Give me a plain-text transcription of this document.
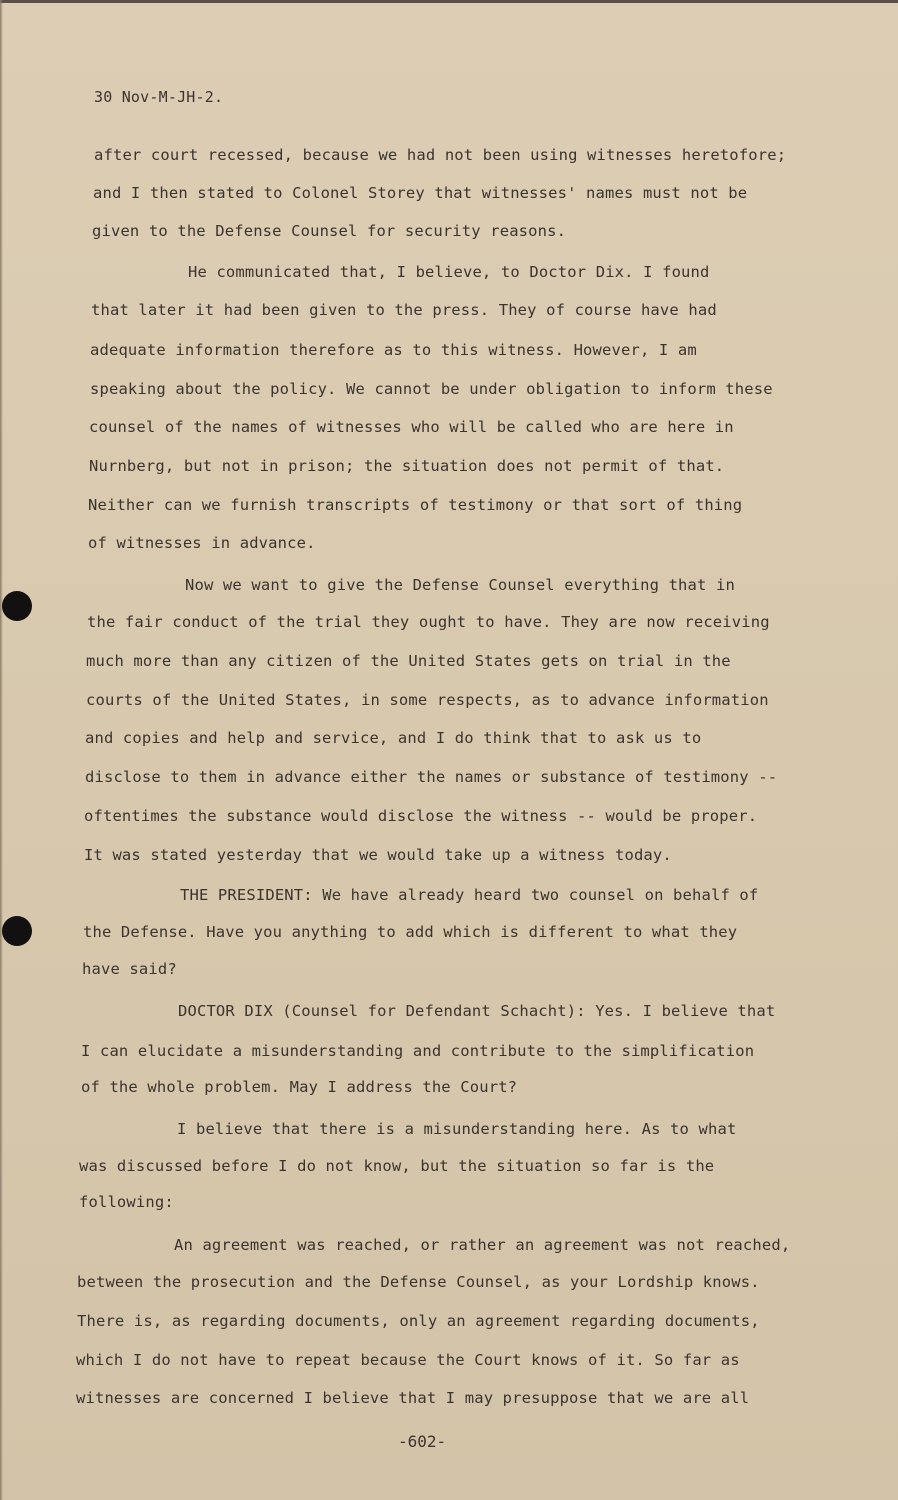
30 Nov-M-JH-2.
after court recessed, because we had not been using witnesses heretofore;
and I then stated to Colonel Storey that witnesses' names must not be
given to the Defense Counsel for security reasons.
He communicated that, I believe, to Doctor Dix. I found
that later it had been given to the press. They of course have had
adequate information therefore as to this witness. However, I am
speaking about the policy. We cannot be under obligation to inform these
counsel of the names of witnesses who will be called who are here in
Nurnberg, but not in prison; the situation does not permit of that.
Neither can we furnish transcripts of testimony or that sort of thing
of witnesses in advance.
Now we want to give the Defense Counsel everything that in
the fair conduct of the trial they ought to have. They are now receiving
much more than any citizen of the United States gets on trial in the
courts of the United States, in some respects, as to advance information
and copies and help and service, and I do think that to ask us to
disclose to them in advance either the names or substance of testimony --
oftentimes the substance would disclose the witness -- would be proper.
It was stated yesterday that we would take up a witness today.
THE PRESIDENT: We have already heard two counsel on behalf of
the Defense. Have you anything to add which is different to what they
have said?
DOCTOR DIX (Counsel for Defendant Schacht): Yes. I believe that
I can elucidate a misunderstanding and contribute to the simplification
of the whole problem. May I address the Court?
I believe that there is a misunderstanding here. As to what
was discussed before I do not know, but the situation so far is the
following:
An agreement was reached, or rather an agreement was not reached,
between the prosecution and the Defense Counsel, as your Lordship knows.
There is, as regarding documents, only an agreement regarding documents,
which I do not have to repeat because the Court knows of it. So far as
witnesses are concerned I believe that I may presuppose that we are all
-602-
